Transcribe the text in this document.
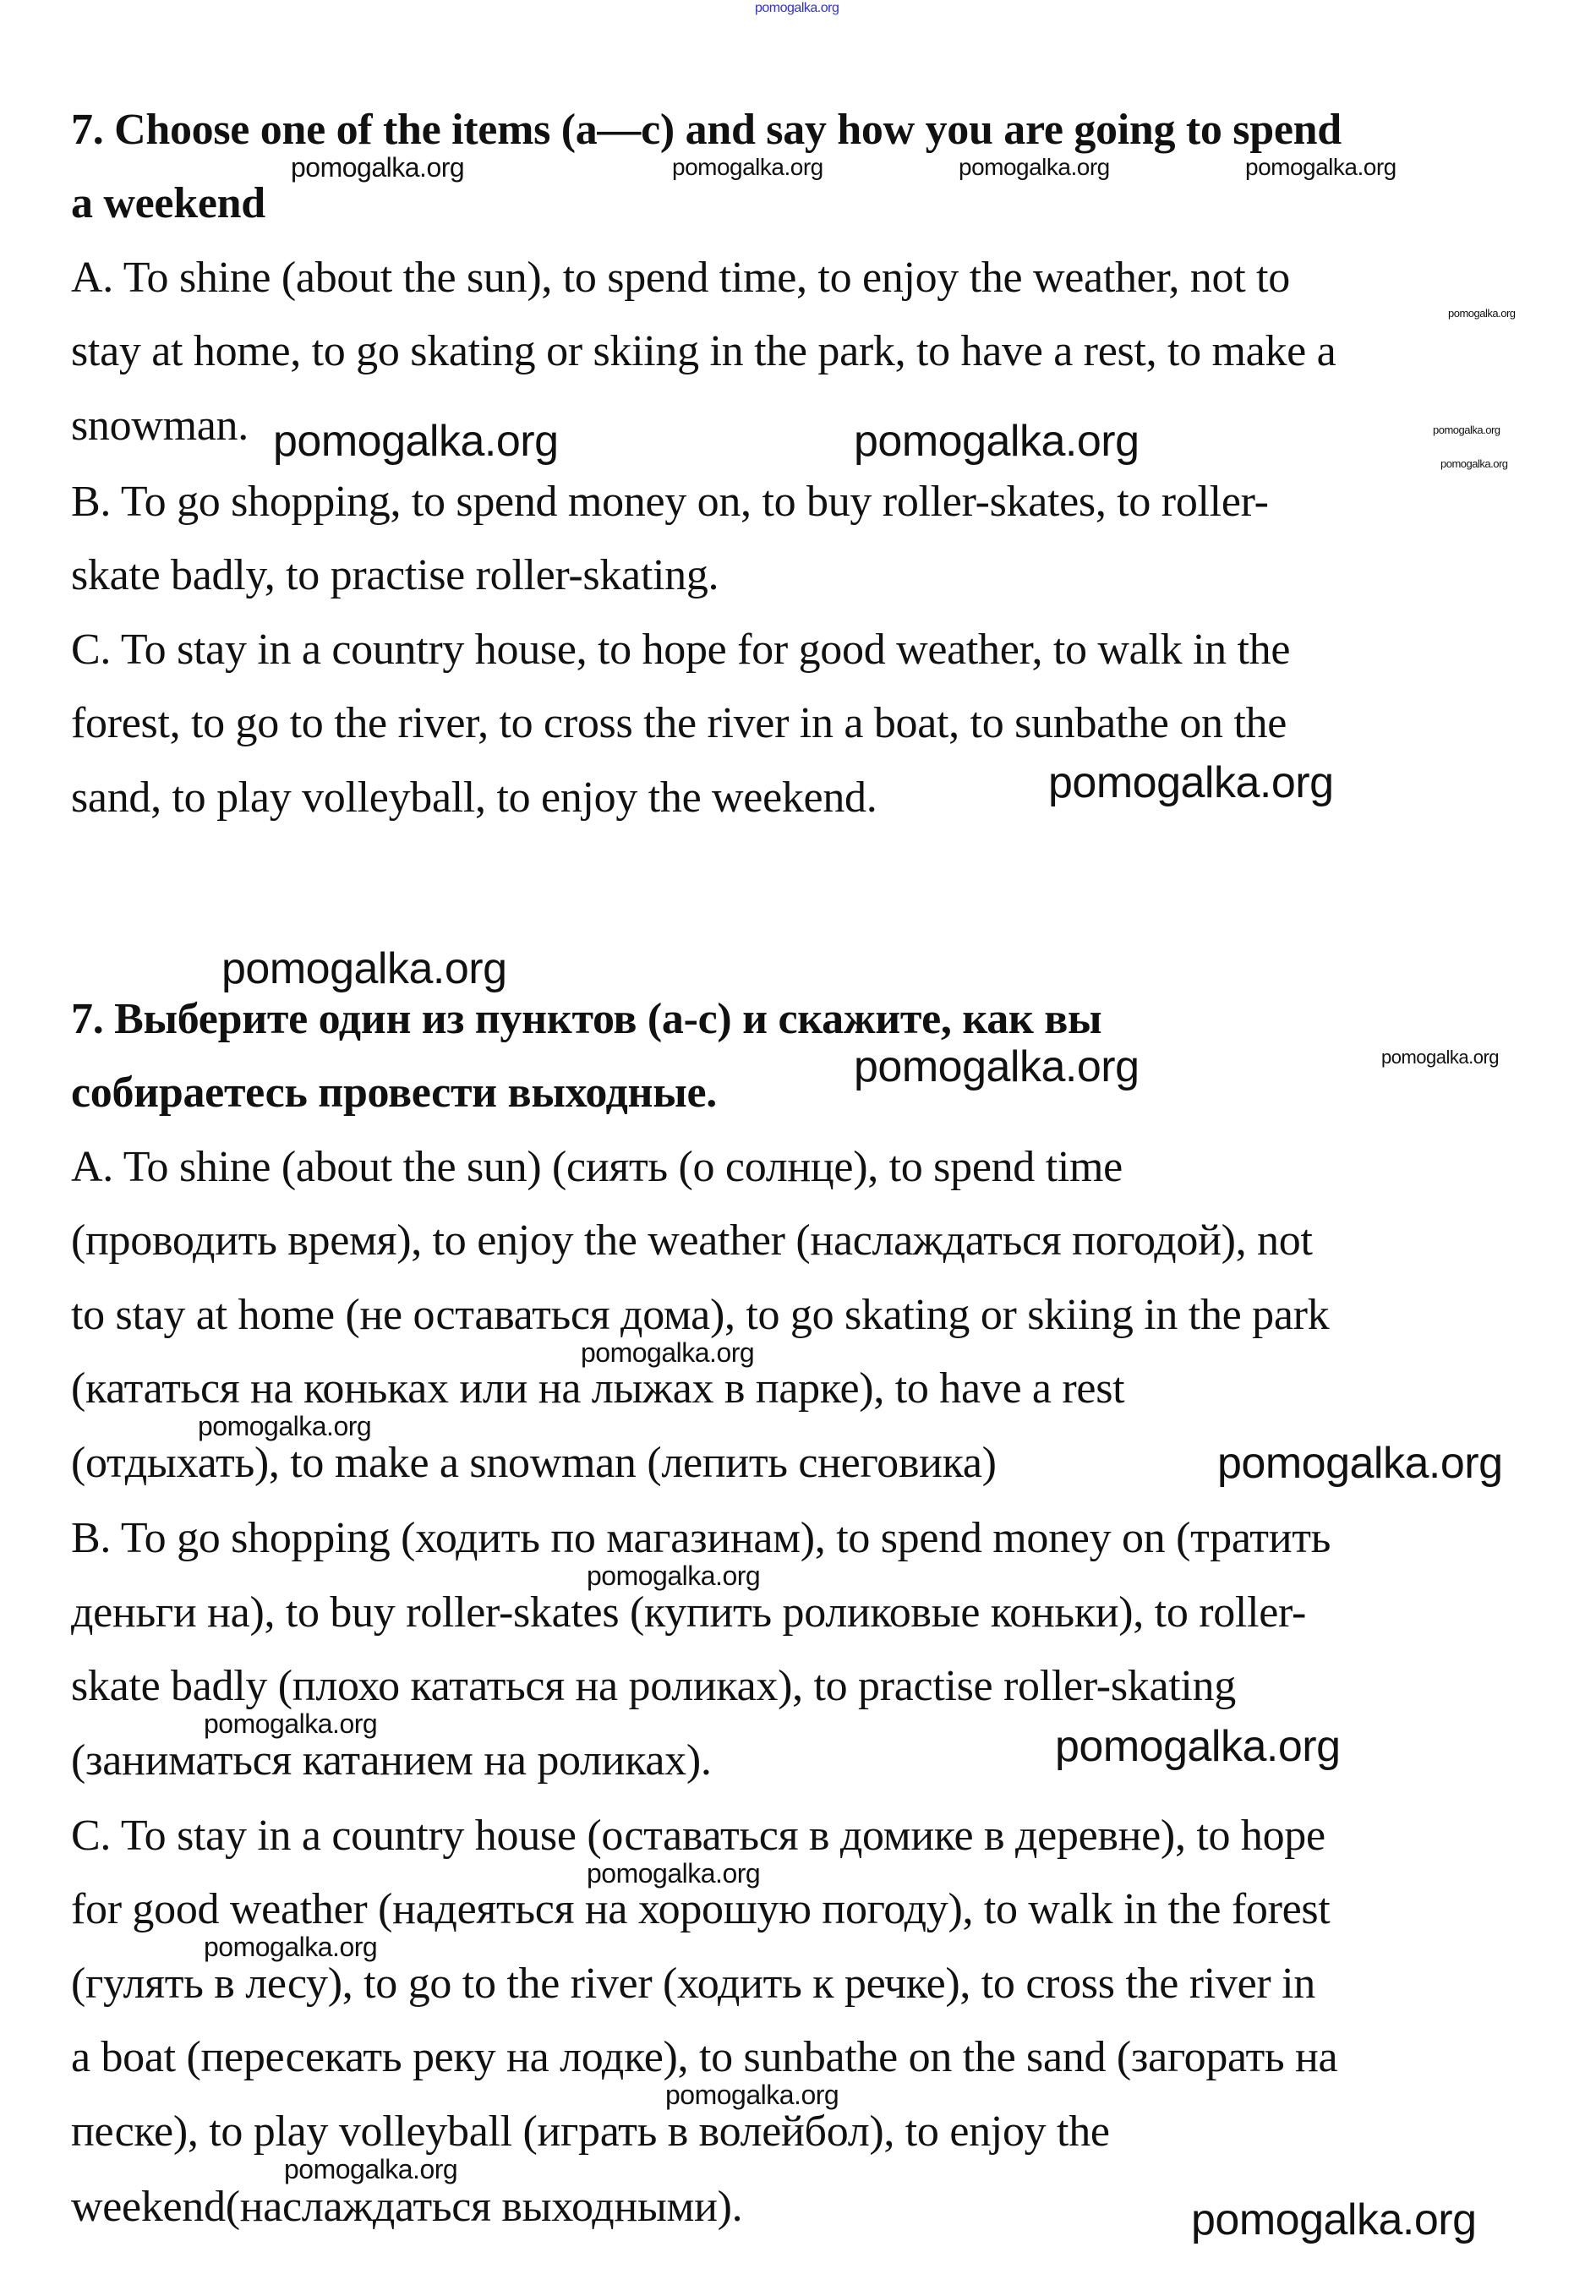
pomogalka.org
7. Choose one of the items (a—c) and say how you are going to spend
a weekend
A. To shine (about the sun), to spend time, to enjoy the weather, not to
stay at home, to go skating or skiing in the park, to have a rest, to make a
snowman.
B. To go shopping, to spend money on, to buy roller-skates, to roller-
skate badly, to practise roller-skating.
C. To stay in a country house, to hope for good weather, to walk in the
forest, to go to the river, to cross the river in a boat, to sunbathe on the
sand, to play volleyball, to enjoy the weekend.
7. Выберите один из пунктов (a-c) и скажите, как вы
собираетесь провести выходные.
A. To shine (about the sun) (сиять (о солнце), to spend time
(проводить время), to enjoy the weather (наслаждаться погодой), not
to stay at home (не оставаться дома), to go skating or skiing in the park
(кататься на коньках или на лыжах в парке), to have a rest
(отдыхать), to make a snowman (лепить снеговика)
B. To go shopping (ходить по магазинам), to spend money on (тратить
деньги на), to buy roller-skates (купить роликовые коньки), to roller-
skate badly (плохо кататься на роликах), to practise roller-skating
(заниматься катанием на роликах).
C. To stay in a country house (оставаться в домике в деревне), to hope
for good weather (надеяться на хорошую погоду), to walk in the forest
(гулять в лесу), to go to the river (ходить к речке), to cross the river in
a boat (пересекать реку на лодке), to sunbathe on the sand (загорать на
песке), to play volleyball (играть в волейбол), to enjoy the
weekend(наслаждаться выходными).
pomogalka.org	pomogalka.org	pomogalka.org	pomogalka.org
pomogalka.org
pomogalka.org	pomogalka.org	pomogalka.org
pomogalka.org
pomogalka.org
pomogalka.org
pomogalka.org	pomogalka.org
pomogalka.org
pomogalka.org
pomogalka.org
pomogalka.org
pomogalka.org	pomogalka.org
pomogalka.org
pomogalka.org
pomogalka.org
pomogalka.org
pomogalka.org
